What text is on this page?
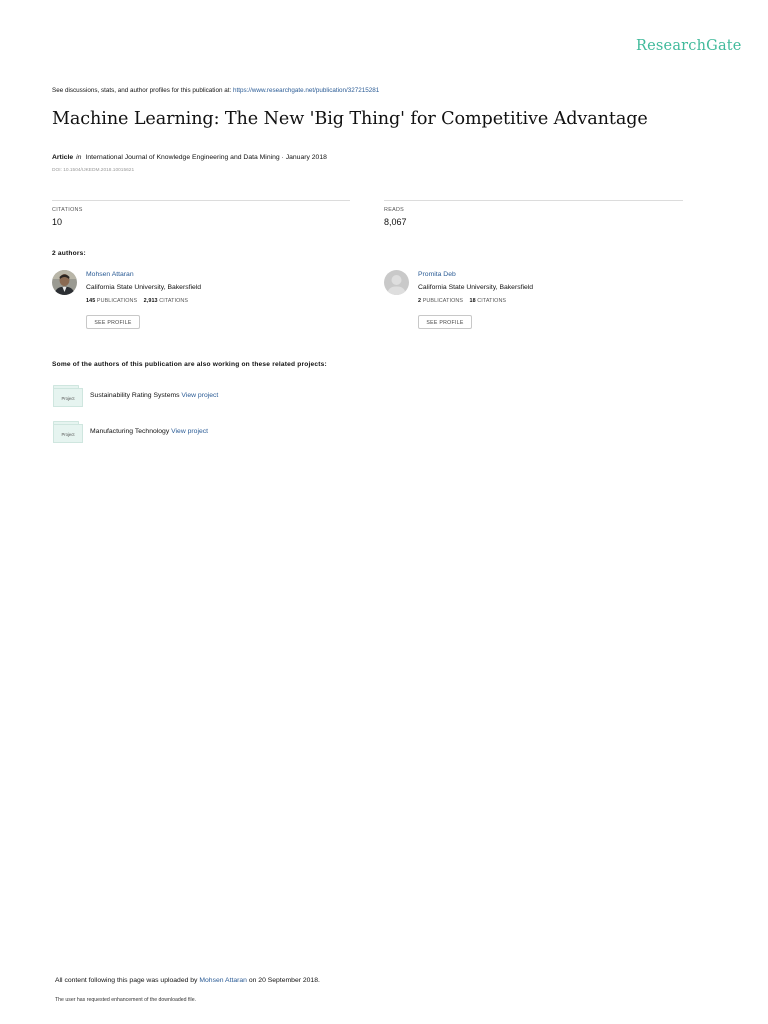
ResearchGate
See discussions, stats, and author profiles for this publication at: https://www.researchgate.net/publication/327215281
Machine Learning: The New 'Big Thing' for Competitive Advantage
Article in International Journal of Knowledge Engineering and Data Mining · January 2018
DOI: 10.1504/IJKEDM.2018.10015621
CITATIONS
10
READS
8,067
2 authors:
Mohsen Attaran
California State University, Bakersfield
145 PUBLICATIONS 2,913 CITATIONS
SEE PROFILE
Promita Deb
California State University, Bakersfield
2 PUBLICATIONS 18 CITATIONS
SEE PROFILE
Some of the authors of this publication are also working on these related projects:
Project	Sustainability Rating Systems View project
Project	Manufacturing Technology View project
All content following this page was uploaded by Mohsen Attaran on 20 September 2018.
The user has requested enhancement of the downloaded file.
